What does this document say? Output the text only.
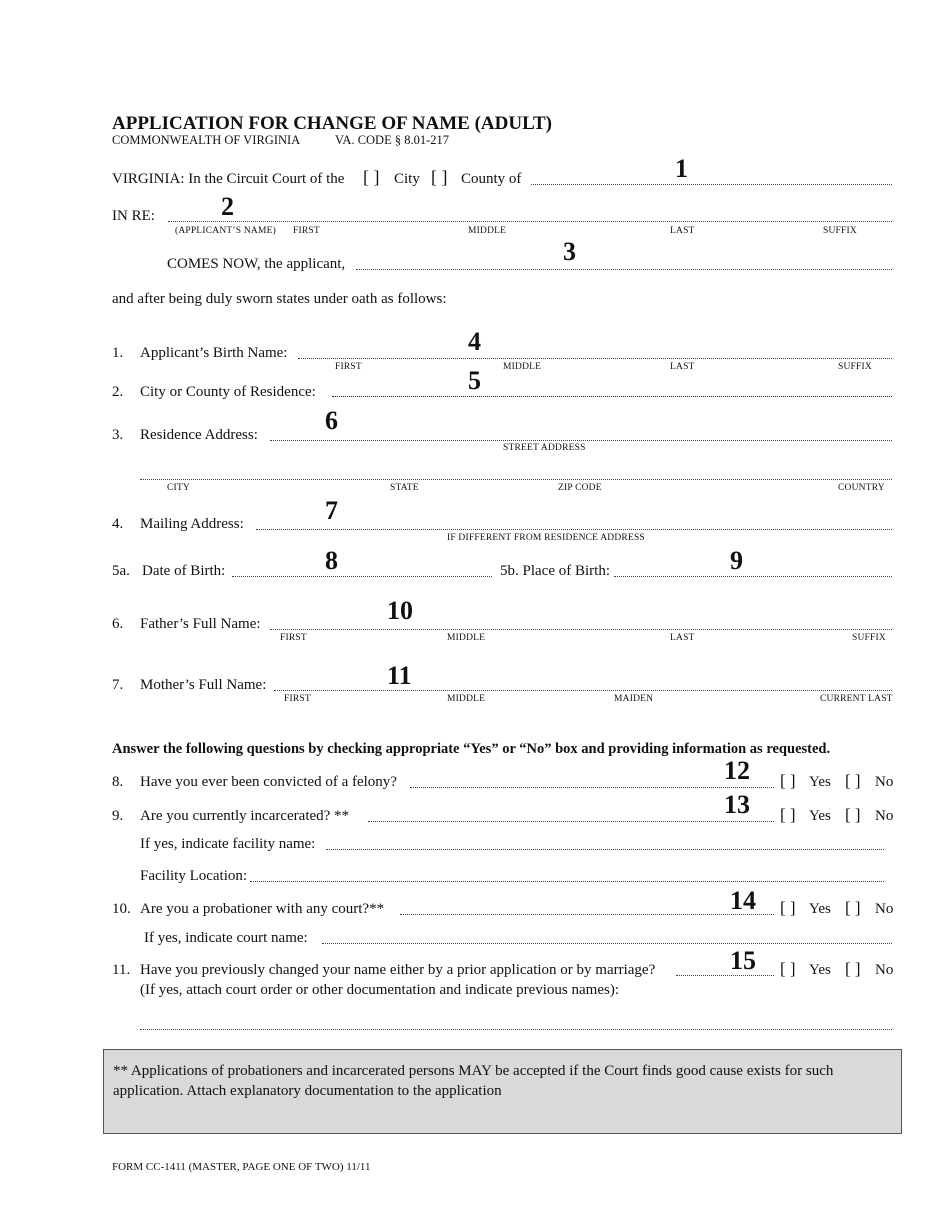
APPLICATION FOR CHANGE OF NAME (ADULT)
COMMONWEALTH OF VIRGINIA	VA. CODE § 8.01-217
VIRGINIA: In the Circuit Court of the [ ] City [ ] County of	1
IN RE:	2
(APPLICANT’S NAME) FIRST	MIDDLE	LAST	SUFFIX
COMES NOW, the applicant,	3
and after being duly sworn states under oath as follows:
1. Applicant’s Birth Name:	4
FIRST	MIDDLE	LAST	SUFFIX
2. City or County of Residence:	5
3. Residence Address:	6
STREET ADDRESS
CITY	STATE	ZIP CODE	COUNTRY
4. Mailing Address:	7
IF DIFFERENT FROM RESIDENCE ADDRESS
5a. Date of Birth:	8	5b. Place of Birth:	9
6. Father’s Full Name:	10
FIRST	MIDDLE	LAST	SUFFIX
7. Mother’s Full Name:	11
FIRST	MIDDLE	MAIDEN	CURRENT LAST
Answer the following questions by checking appropriate “Yes” or “No” box and providing information as requested.
8. Have you ever been convicted of a felony?	12 [ ] Yes [ ] No
9. Are you currently incarcerated? **	13 [ ] Yes [ ] No
If yes, indicate facility name:
Facility Location:
10. Are you a probationer with any court?**	14 [ ] Yes [ ] No
If yes, indicate court name:
11. Have you previously changed your name either by a prior application or by marriage?	15 [ ] Yes [ ] No
(If yes, attach court order or other documentation and indicate previous names):
** Applications of probationers and incarcerated persons MAY be accepted if the Court finds good cause exists for such application. Attach explanatory documentation to the application
FORM CC-1411 (MASTER, PAGE ONE OF TWO) 11/11
